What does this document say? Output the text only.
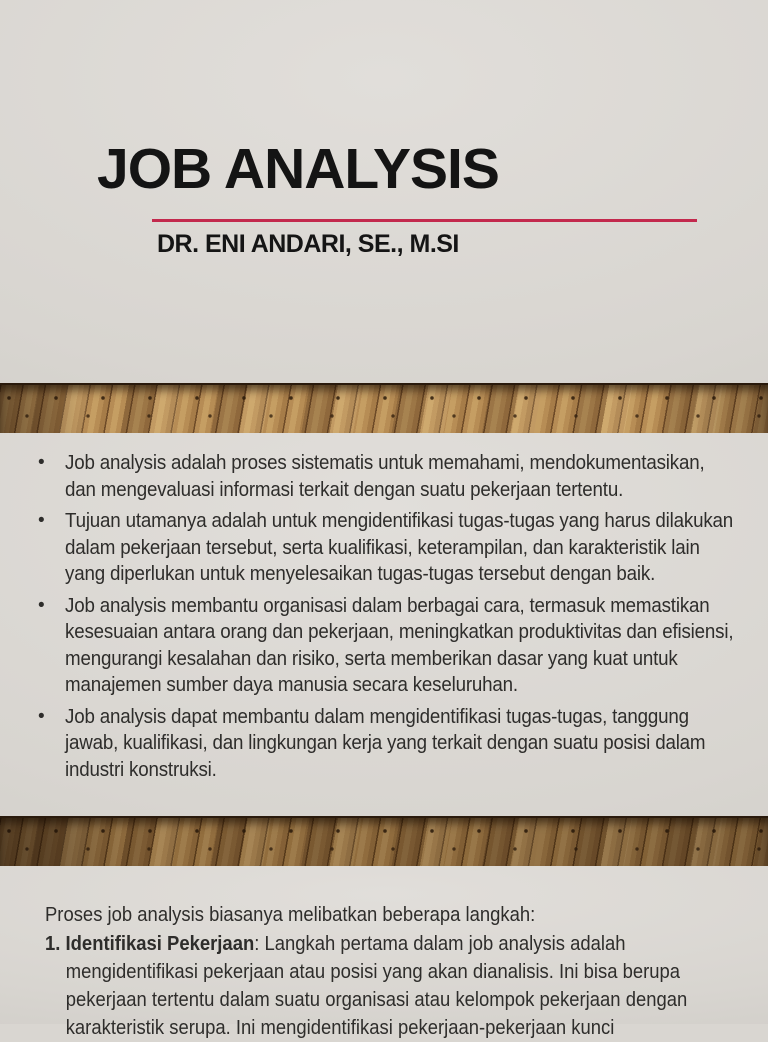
JOB ANALYSIS
DR. ENI ANDARI, SE., M.SI
• Job analysis adalah proses sistematis untuk memahami, mendokumentasikan, dan mengevaluasi informasi terkait dengan suatu pekerjaan tertentu.
• Tujuan utamanya adalah untuk mengidentifikasi tugas-tugas yang harus dilakukan dalam pekerjaan tersebut, serta kualifikasi, keterampilan, dan karakteristik lain yang diperlukan untuk menyelesaikan tugas-tugas tersebut dengan baik.
• Job analysis membantu organisasi dalam berbagai cara, termasuk memastikan kesesuaian antara orang dan pekerjaan, meningkatkan produktivitas dan efisiensi, mengurangi kesalahan dan risiko, serta memberikan dasar yang kuat untuk manajemen sumber daya manusia secara keseluruhan.
• Job analysis dapat membantu dalam mengidentifikasi tugas-tugas, tanggung jawab, kualifikasi, dan lingkungan kerja yang terkait dengan suatu posisi dalam industri konstruksi.

Proses job analysis biasanya melibatkan beberapa langkah:

1. Identifikasi Pekerjaan: Langkah pertama dalam job analysis adalah mengidentifikasi pekerjaan atau posisi yang akan dianalisis. Ini bisa berupa pekerjaan tertentu dalam suatu organisasi atau kelompok pekerjaan dengan karakteristik serupa. Ini mengidentifikasi pekerjaan-pekerjaan kunci
